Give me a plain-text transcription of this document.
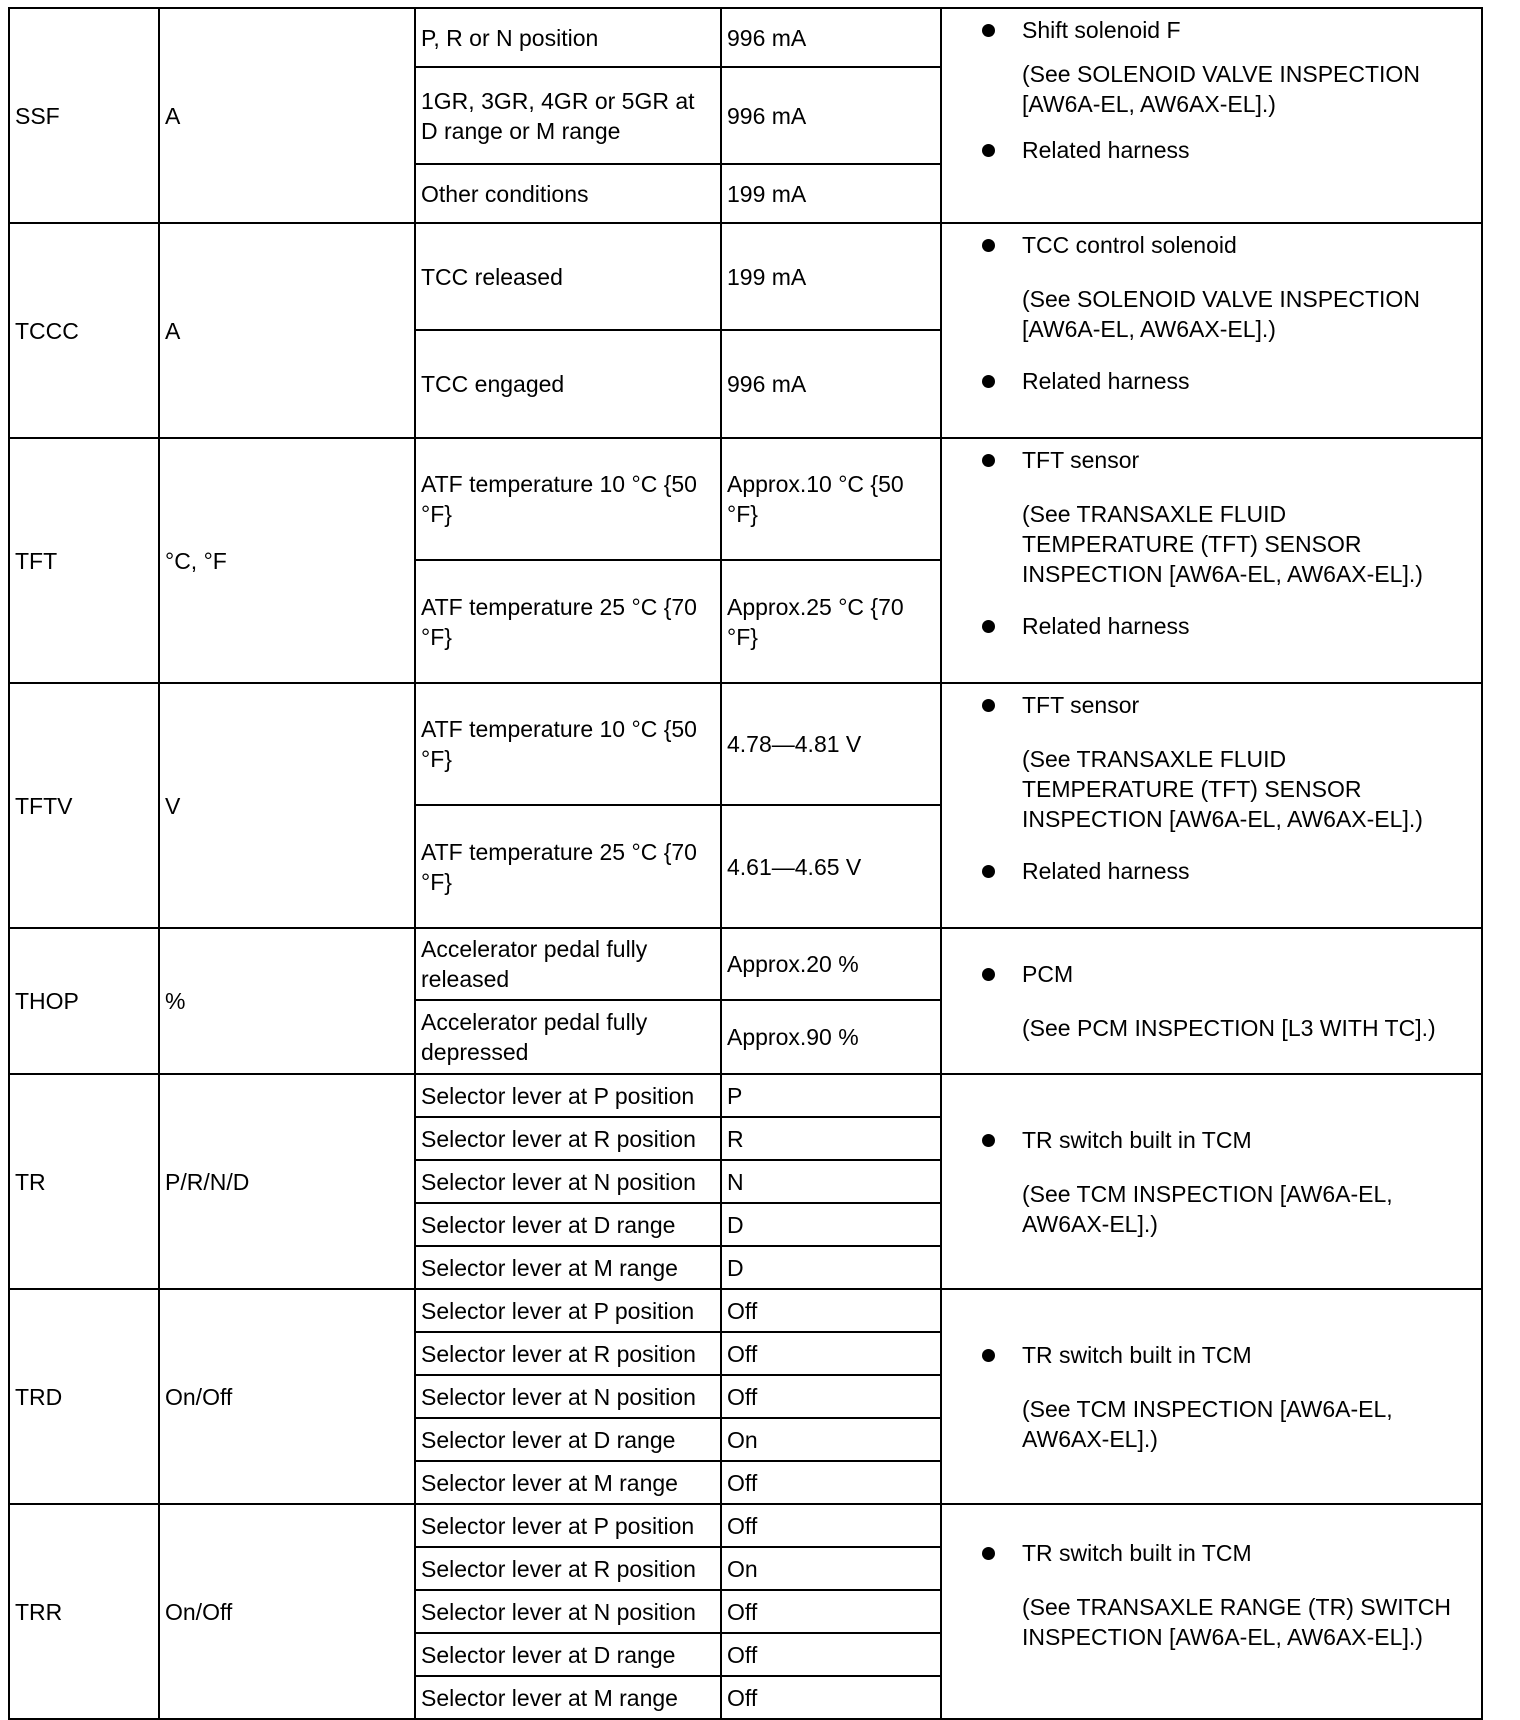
SSF	A	P, R or N position	996 mA	Shift solenoid F

(See SOLENOID VALVE INSPECTION [AW6A-EL, AW6AX-EL].)

Related harness

		1GR, 3GR, 4GR or 5GR at D range or M range	996 mA	
		Other conditions	199 mA	
TCCC	A	TCC released	199 mA	TCC control solenoid

(See SOLENOID VALVE INSPECTION [AW6A-EL, AW6AX-EL].)

Related harness

		TCC engaged	996 mA	
TFT	°C, °F	ATF temperature 10 °C {50 °F}	Approx.10 °C {50 °F}	TFT sensor

(See TRANSAXLE FLUID TEMPERATURE (TFT) SENSOR INSPECTION [AW6A-EL, AW6AX-EL].)

Related harness

		ATF temperature 25 °C {70 °F}	Approx.25 °C {70 °F}	
TFTV	V	ATF temperature 10 °C {50 °F}	4.78—4.81 V	TFT sensor

(See TRANSAXLE FLUID TEMPERATURE (TFT) SENSOR INSPECTION [AW6A-EL, AW6AX-EL].)

Related harness

		ATF temperature 25 °C {70 °F}	4.61—4.65 V	
THOP	%	Accelerator pedal fully released	Approx.20 %	PCM

(See PCM INSPECTION [L3 WITH TC].)

		Accelerator pedal fully depressed	Approx.90 %	
TR	P/R/N/D	Selector lever at P position	P	TR switch built in TCM

(See TCM INSPECTION [AW6A-EL, AW6AX-EL].)

		Selector lever at R position	R	
		Selector lever at N position	N	
		Selector lever at D range	D	
		Selector lever at M range	D	
TRD	On/Off	Selector lever at P position	Off	TR switch built in TCM

(See TCM INSPECTION [AW6A-EL, AW6AX-EL].)

		Selector lever at R position	Off	
		Selector lever at N position	Off	
		Selector lever at D range	On	
		Selector lever at M range	Off	
TRR	On/Off	Selector lever at P position	Off	TR switch built in TCM

(See TRANSAXLE RANGE (TR) SWITCH INSPECTION [AW6A-EL, AW6AX-EL].)

		Selector lever at R position	On	
		Selector lever at N position	Off	
		Selector lever at D range	Off	
		Selector lever at M range	Off	
